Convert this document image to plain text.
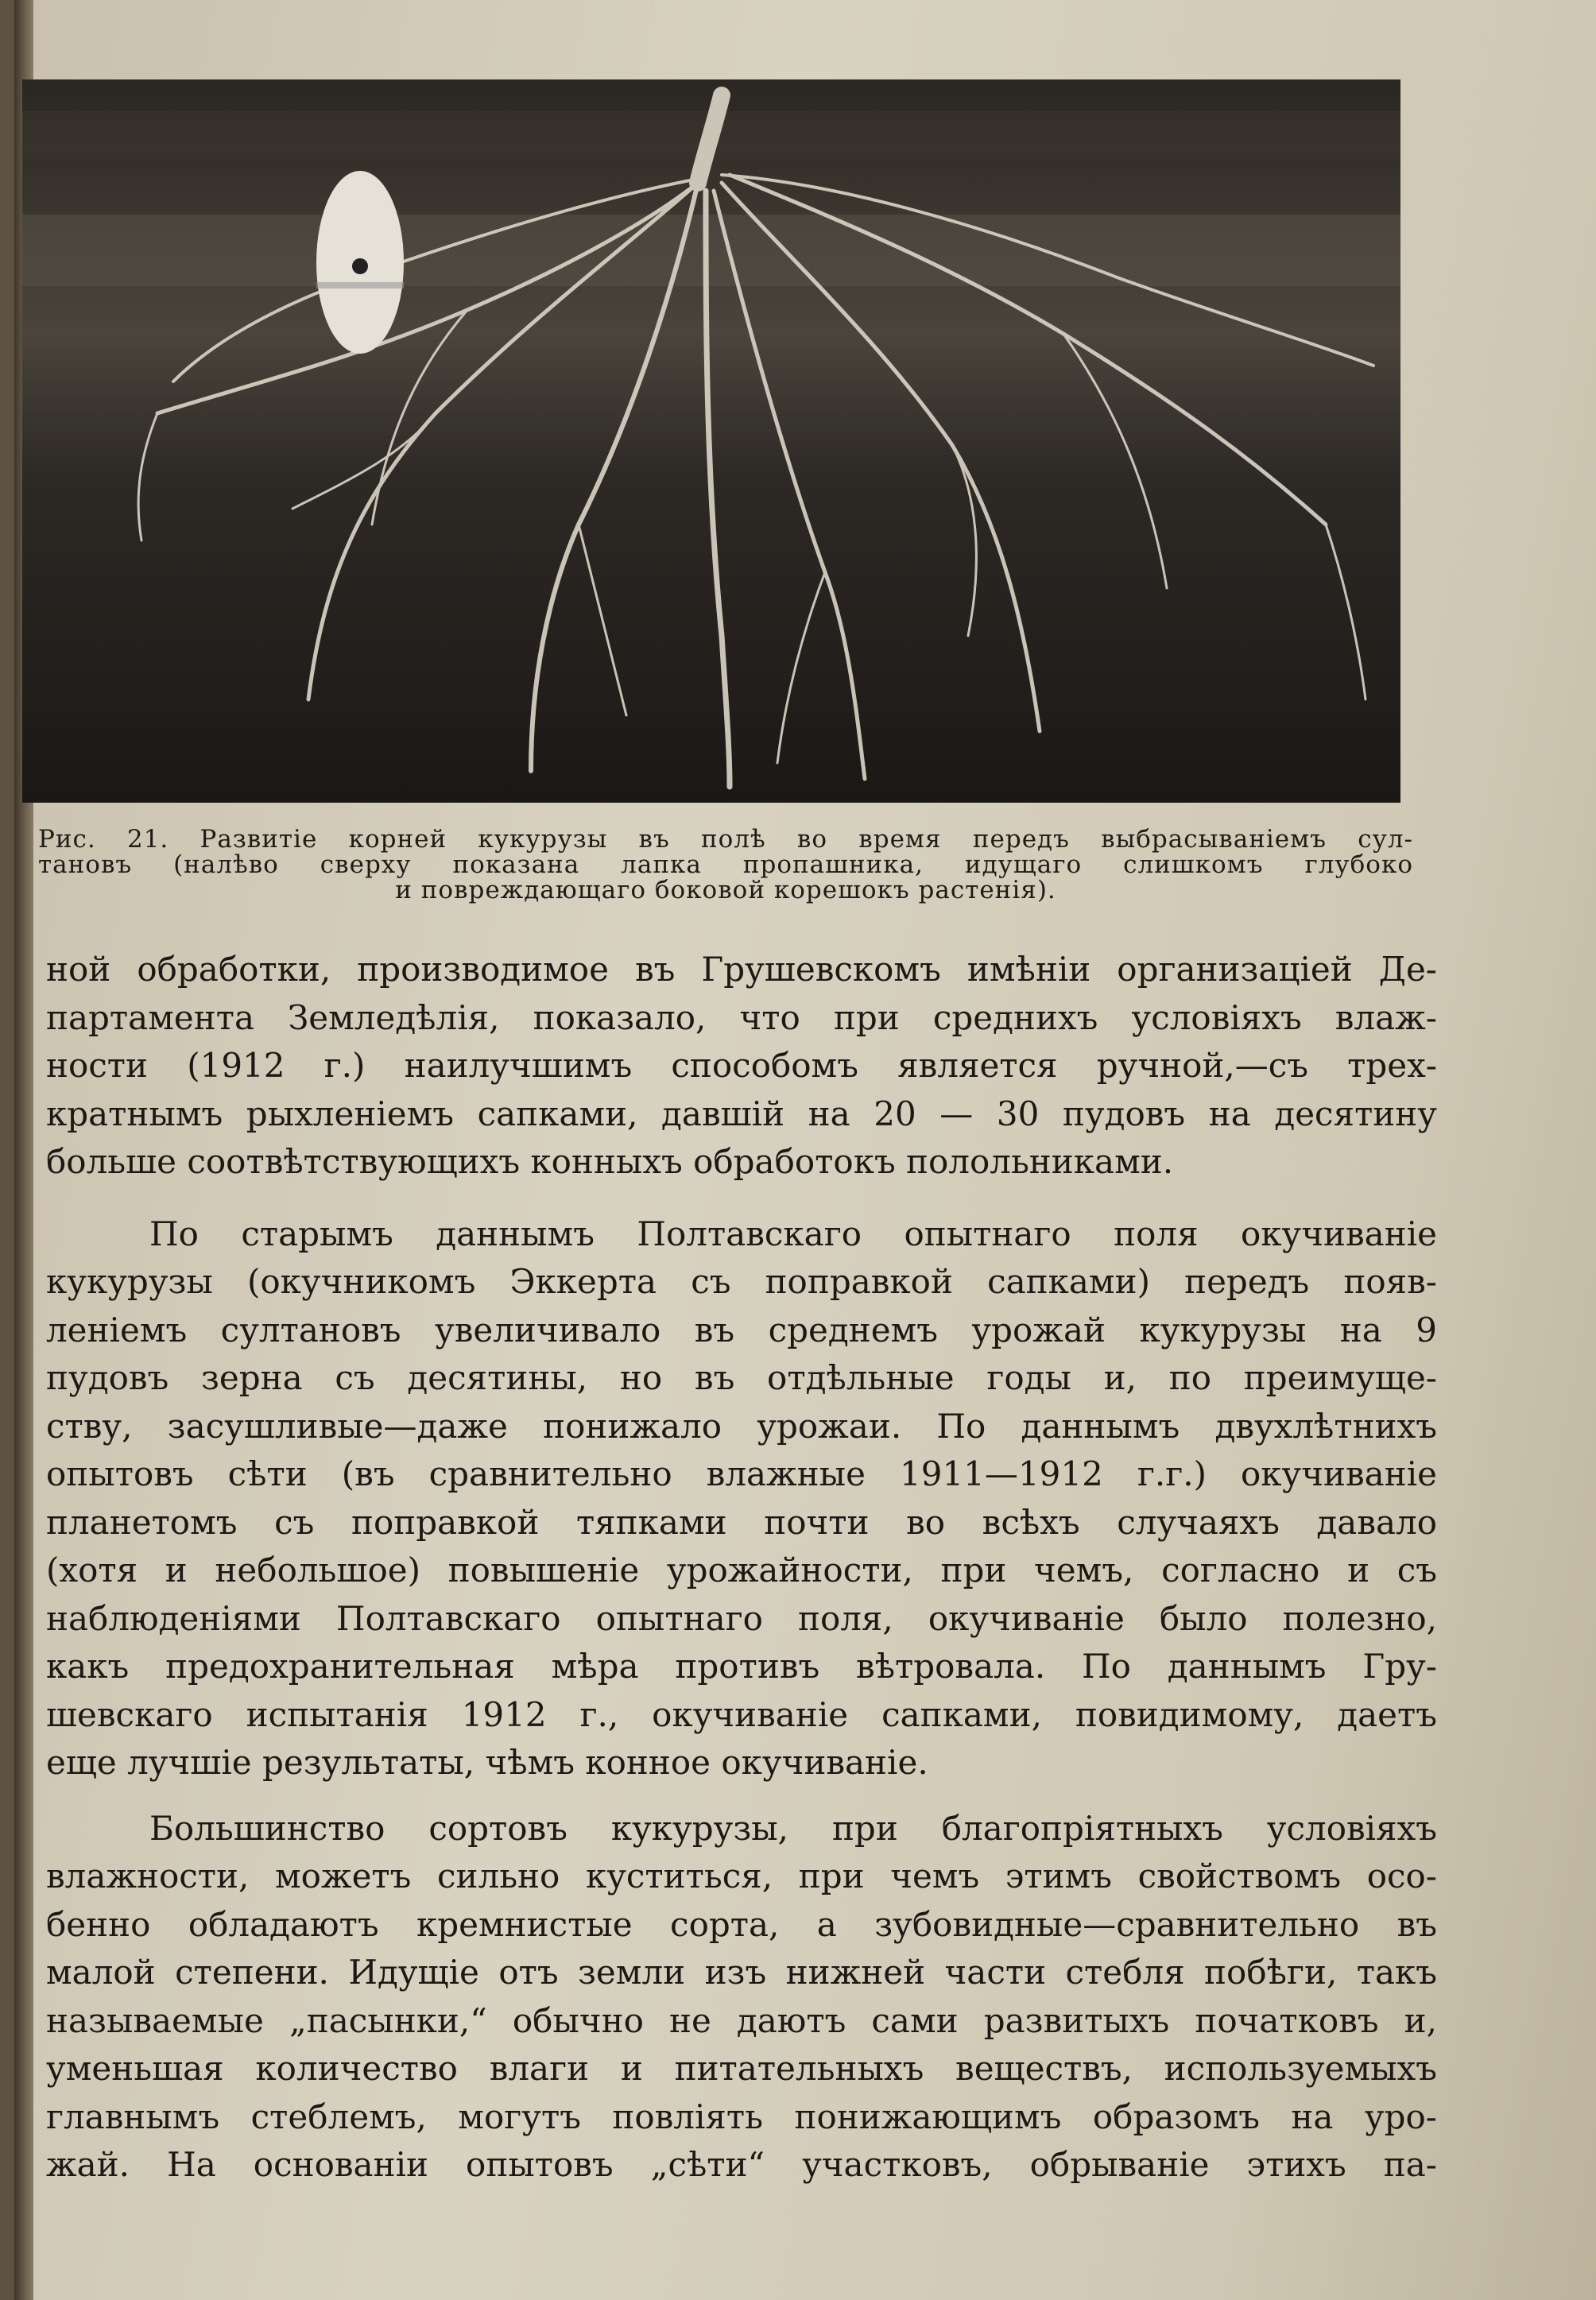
Рис. 21. Развитіе корней кукурузы въ полѣ во время передъ выбрасываніемъ сул-
тановъ (налѣво сверху показана лапка пропашника, идущаго слишкомъ глубоко
и повреждающаго боковой корешокъ растенія).
ной обработки, производимое въ Грушевскомъ имѣніи организаціей Де-
партамента Земледѣлія, показало, что при среднихъ условіяхъ влаж-
ности (1912 г.) наилучшимъ способомъ является ручной,—съ трех-
кратнымъ рыхленіемъ сапками, давшій на 20 — 30 пудовъ на десятину
больше соотвѣтствующихъ конныхъ обработокъ полольниками.
По старымъ даннымъ Полтавскаго опытнаго поля окучиваніе
кукурузы (окучникомъ Эккерта съ поправкой сапками) передъ появ-
леніемъ султановъ увеличивало въ среднемъ урожай кукурузы на 9
пудовъ зерна съ десятины, но въ отдѣльные годы и, по преимуще-
ству, засушливые—даже понижало урожаи. По даннымъ двухлѣтнихъ
опытовъ сѣти (въ сравнительно влажные 1911—1912 г.г.) окучиваніе
планетомъ съ поправкой тяпками почти во всѣхъ случаяхъ давало
(хотя и небольшое) повышеніе урожайности, при чемъ, согласно и съ
наблюденіями Полтавскаго опытнаго поля, окучиваніе было полезно,
какъ предохранительная мѣра противъ вѣтровала. По даннымъ Гру-
шевскаго испытанія 1912 г., окучиваніе сапками, повидимому, даетъ
еще лучшіе результаты, чѣмъ конное окучиваніе.
Большинство сортовъ кукурузы, при благопріятныхъ условіяхъ
влажности, можетъ сильно куститься, при чемъ этимъ свойствомъ осо-
бенно обладаютъ кремнистые сорта, а зубовидные—сравнительно въ
малой степени. Идущіе отъ земли изъ нижней части стебля побѣги, такъ
называемые „пасынки,“ обычно не даютъ сами развитыхъ початковъ и,
уменьшая количество влаги и питательныхъ веществъ, используемыхъ
главнымъ стеблемъ, могутъ повліять понижающимъ образомъ на уро-
жай. На основаніи опытовъ „сѣти“ участковъ, обрываніе этихъ па-
